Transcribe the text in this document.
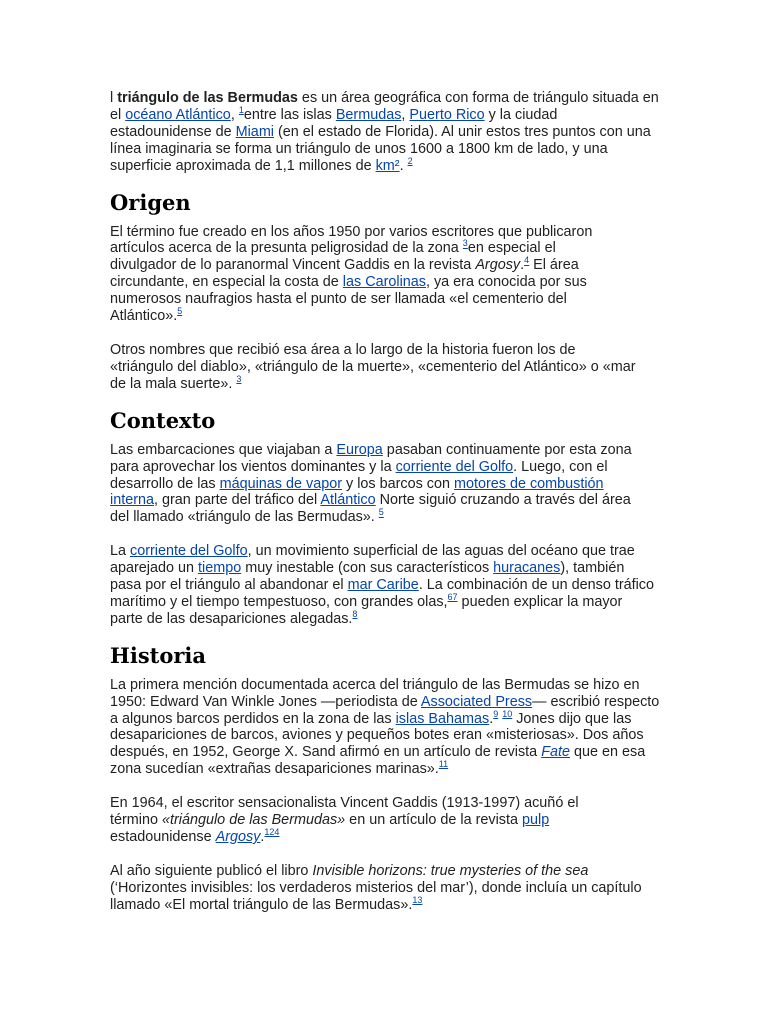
l triángulo de las Bermudas es un área geográfica con forma de triángulo situada en el océano Atlántico, $^1$entre las islas Bermudas, Puerto Rico y la ciudad estadounidense de Miami (en el estado de Florida). Al unir estos tres puntos con una línea imaginaria se forma un triángulo de unos 1600 a 1800 km de lado, y una superficie aproximada de 1,1 millones de km². $^2$

Origen

El término fue creado en los años 1950 por varios escritores que publicaron artículos acerca de la presunta peligrosidad de la zona $^3$en especial el divulgador de lo paranormal Vincent Gaddis en la revista Argosy.$^4$ El área circundante, en especial la costa de las Carolinas, ya era conocida por sus numerosos naufragios hasta el punto de ser llamada «el cementerio del Atlántico».$^5$

Otros nombres que recibió esa área a lo largo de la historia fueron los de «triángulo del diablo», «triángulo de la muerte», «cementerio del Atlántico» o «mar de la mala suerte». $^3$

Contexto

Las embarcaciones que viajaban a Europa pasaban continuamente por esta zona para aprovechar los vientos dominantes y la corriente del Golfo. Luego, con el desarrollo de las máquinas de vapor y los barcos con motores de combustión interna, gran parte del tráfico del Atlántico Norte siguió cruzando a través del área del llamado «triángulo de las Bermudas». $^5$

La corriente del Golfo, un movimiento superficial de las aguas del océano que trae aparejado un tiempo muy inestable (con sus característicos huracanes), también pasa por el triángulo al abandonar el mar Caribe. La combinación de un denso tráfico marítimo y el tiempo tempestuoso, con grandes olas,$^{67}$ pueden explicar la mayor parte de las desapariciones alegadas.$^8$

Historia

La primera mención documentada acerca del triángulo de las Bermudas se hizo en 1950: Edward Van Winkle Jones —periodista de Associated Press— escribió respecto a algunos barcos perdidos en la zona de las islas Bahamas.$^9$ $^{10}$ Jones dijo que las desapariciones de barcos, aviones y pequeños botes eran «misteriosas». Dos años después, en 1952, George X. Sand afirmó en un artículo de revista Fate que en esa zona sucedían «extrañas desapariciones marinas».$^{11}$

En 1964, el escritor sensacionalista Vincent Gaddis (1913-1997) acuñó el término «triángulo de las Bermudas» en un artículo de la revista pulp estadounidense Argosy.$^{124}$

Al año siguiente publicó el libro Invisible horizons: true mysteries of the sea (‘Horizontes invisibles: los verdaderos misterios del mar’), donde incluía un capítulo llamado «El mortal triángulo de las Bermudas».$^{13}$
